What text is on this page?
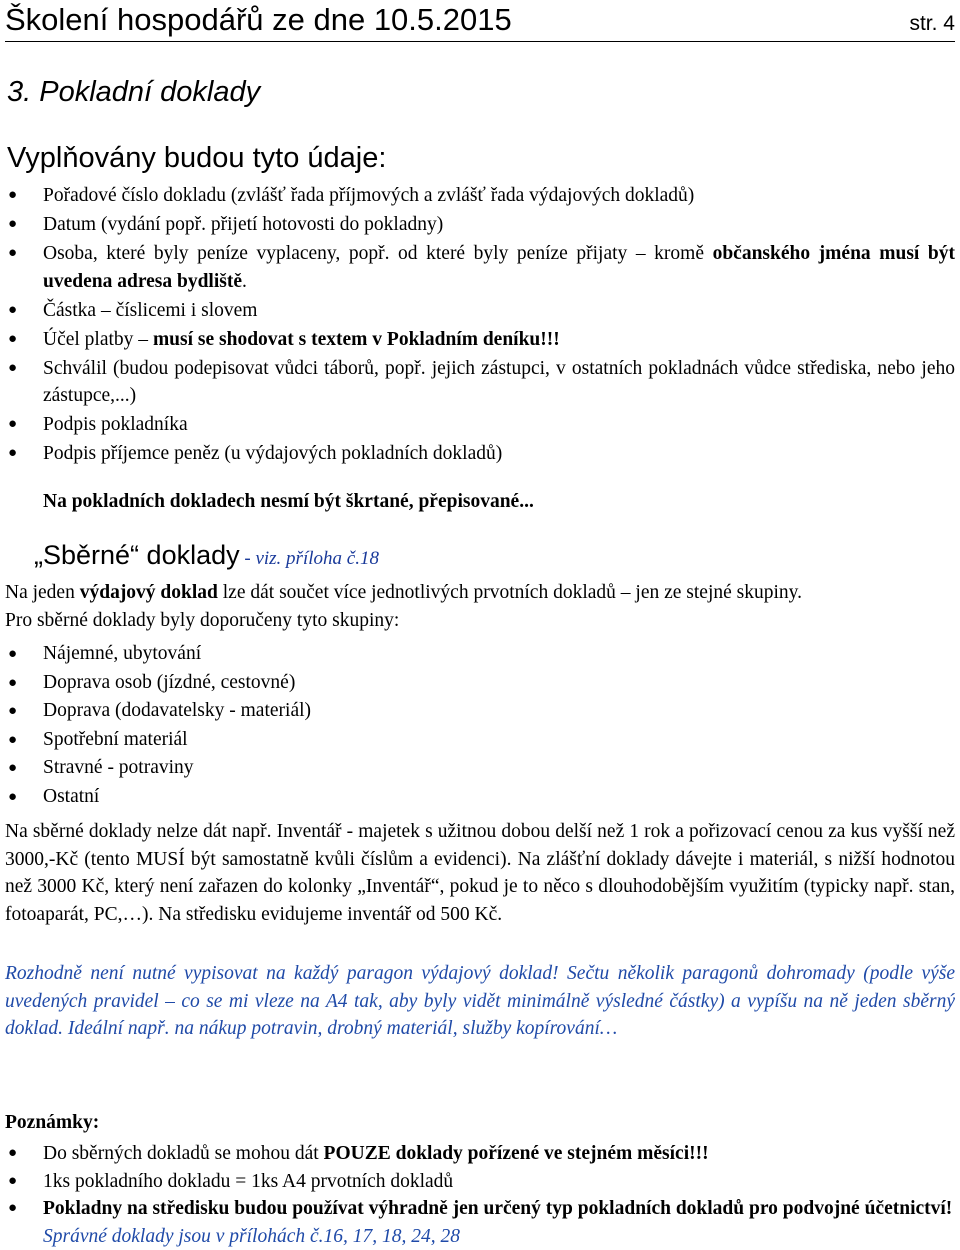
Školení hospodářů ze dne 10.5.2015	str. 4
3. Pokladní doklady
Vyplňovány budou tyto údaje:
● Pořadové číslo dokladu (zvlášť řada příjmových a zvlášť řada výdajových dokladů)
● Datum (vydání popř. přijetí hotovosti do pokladny)
● Osoba, které byly peníze vyplaceny, popř. od které byly peníze přijaty – kromě občanského jména musí být uvedena adresa bydliště.
● Částka – číslicemi i slovem
● Účel platby – musí se shodovat s textem v Pokladním deníku!!!
● Schválil (budou podepisovat vůdci táborů, popř. jejich zástupci, v ostatních pokladnách vůdce střediska, nebo jeho zástupce,...)
● Podpis pokladníka
● Podpis příjemce peněz (u výdajových pokladních dokladů)
Na pokladních dokladech nesmí být škrtané, přepisované...
„Sběrné“ doklady - viz. příloha č.18
Na jeden výdajový doklad lze dát součet více jednotlivých prvotních dokladů – jen ze stejné skupiny.
Pro sběrné doklady byly doporučeny tyto skupiny:
● Nájemné, ubytování
● Doprava osob (jízdné, cestovné)
● Doprava (dodavatelsky - materiál)
● Spotřební materiál
● Stravné - potraviny
● Ostatní
Na sběrné doklady nelze dát např. Inventář - majetek s užitnou dobou delší než 1 rok a pořizovací cenou za kus vyšší než 3000,-Kč (tento MUSÍ být samostatně kvůli číslům a evidenci). Na zlášťní doklady dávejte i materiál, s nižší hodnotou než 3000 Kč, který není zařazen do kolonky „Inventář“, pokud je to něco s dlouhodobějším využitím (typicky např. stan, fotoaparát, PC,…). Na středisku evidujeme inventář od 500 Kč.
Rozhodně není nutné vypisovat na každý paragon výdajový doklad! Sečtu několik paragonů dohromady (podle výše uvedených pravidel – co se mi vleze na A4 tak, aby byly vidět minimálně výsledné částky) a vypíšu na ně jeden sběrný doklad. Ideální např. na nákup potravin, drobný materiál, služby kopírování…
Poznámky:
● Do sběrných dokladů se mohou dát POUZE doklady pořízené ve stejném měsíci!!!
● 1ks pokladního dokladu = 1ks A4 prvotních dokladů
● Pokladny na středisku budou používat výhradně jen určený typ pokladních dokladů pro podvojné účetnictví! Správné doklady jsou v přílohách č.16, 17, 18, 24, 28
